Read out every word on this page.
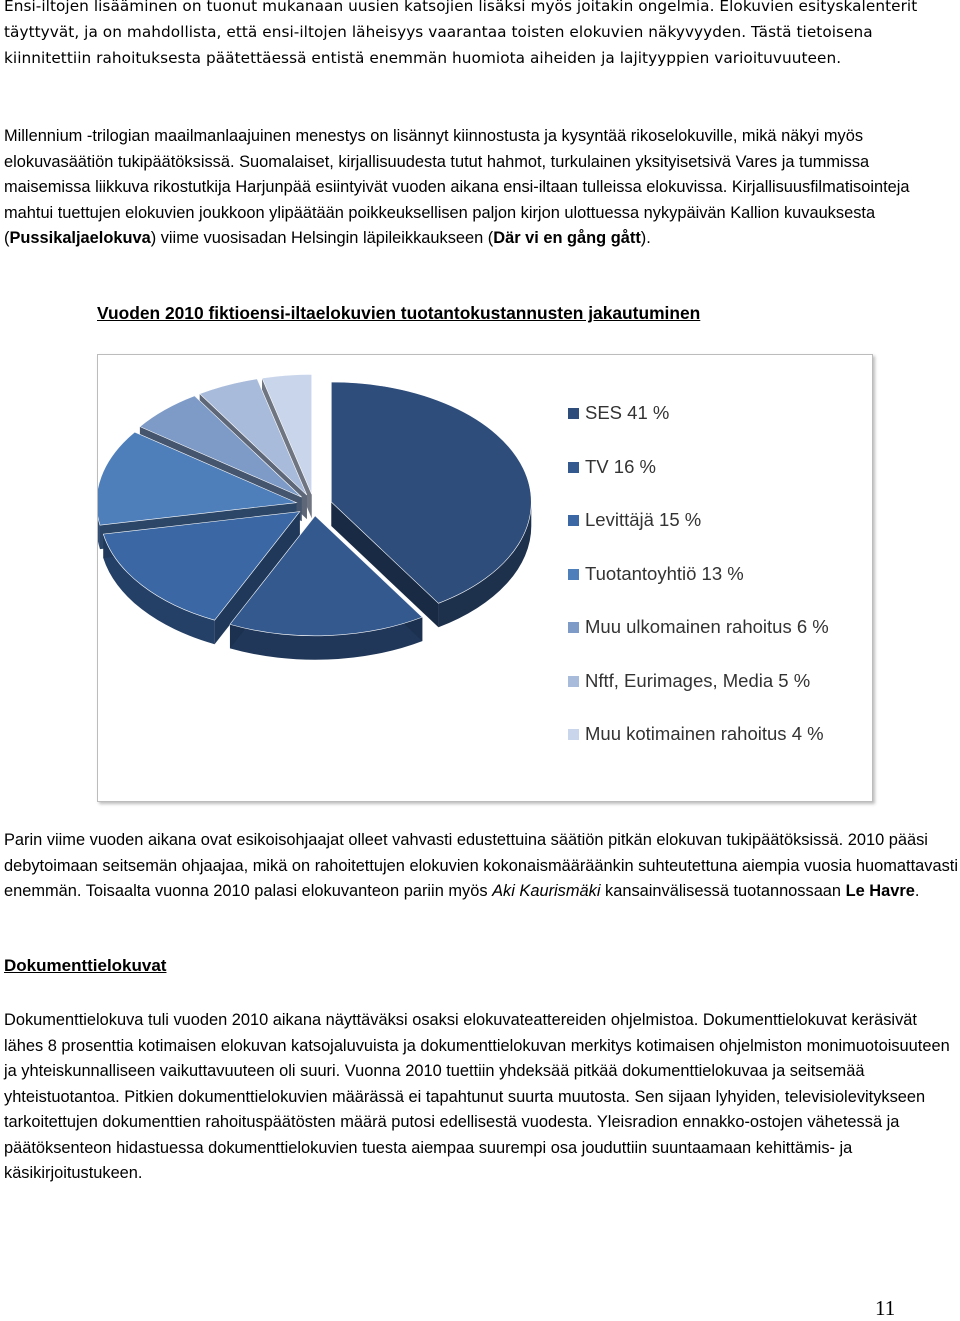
Ensi-iltojen lisääminen on tuonut mukanaan uusien katsojien lisäksi myös joitakin ongelmia. Elokuvien esityskalenterit täyttyvät, ja on mahdollista, että ensi-iltojen läheisyys vaarantaa toisten elokuvien näkyvyyden. Tästä tietoisena kiinnitettiin rahoituksesta päätettäessä entistä enemmän huomiota aiheiden ja lajityyppien varioituvuuteen.

Millennium -trilogian maailmanlaajuinen menestys on lisännyt kiinnostusta ja kysyntää rikoselokuville, mikä näkyi myös elokuvasäätiön tukipäätöksissä. Suomalaiset, kirjallisuudesta tutut hahmot, turkulainen yksityisetsivä Vares ja tummissa maisemissa liikkuva rikostutkija Harjunpää esiintyivät vuoden aikana ensi-iltaan tulleissa elokuvissa. Kirjallisuusfilmatisointeja mahtui tuettujen elokuvien joukkoon ylipäätään poikkeuksellisen paljon kirjon ulottuessa nykypäivän Kallion kuvauksesta (Pussikaljaelokuva) viime vuosisadan Helsingin läpileikkaukseen (Där vi en gång gått).

Vuoden 2010 fiktioensi-iltaelokuvien tuotantokustannusten jakautuminen

SES 41 %
TV 16 %
Levittäjä 15 %
Tuotantoyhtiö 13 %
Muu ulkomainen rahoitus 6 %
Nftf, Eurimages, Media 5 %
Muu kotimainen rahoitus 4 %

Parin viime vuoden aikana ovat esikoisohjaajat olleet vahvasti edustettuina säätiön pitkän elokuvan tukipäätöksissä. 2010 pääsi debytoimaan seitsemän ohjaajaa, mikä on rahoitettujen elokuvien kokonaismääräänkin suhteutettuna aiempia vuosia huomattavasti enemmän. Toisaalta vuonna 2010 palasi elokuvanteon pariin myös Aki Kaurismäki kansainvälisessä tuotannossaan Le Havre.

Dokumenttielokuvat

Dokumenttielokuva tuli vuoden 2010 aikana näyttäväksi osaksi elokuvateattereiden ohjelmistoa. Dokumenttielokuvat keräsivät lähes 8 prosenttia kotimaisen elokuvan katsojaluvuista ja dokumenttielokuvan merkitys kotimaisen ohjelmiston monimuotoisuuteen ja yhteiskunnalliseen vaikuttavuuteen oli suuri. Vuonna 2010 tuettiin yhdeksää pitkää dokumenttielokuvaa ja seitsemää yhteistuotantoa. Pitkien dokumenttielokuvien määrässä ei tapahtunut suurta muutosta. Sen sijaan lyhyiden, televisiolevitykseen tarkoitettujen dokumenttien rahoituspäätösten määrä putosi edellisestä vuodesta. Yleisradion ennakko-ostojen vähetessä ja päätöksenteon hidastuessa dokumenttielokuvien tuesta aiempaa suurempi osa jouduttiin suuntaamaan kehittämis- ja käsikirjoitustukeen.

11
